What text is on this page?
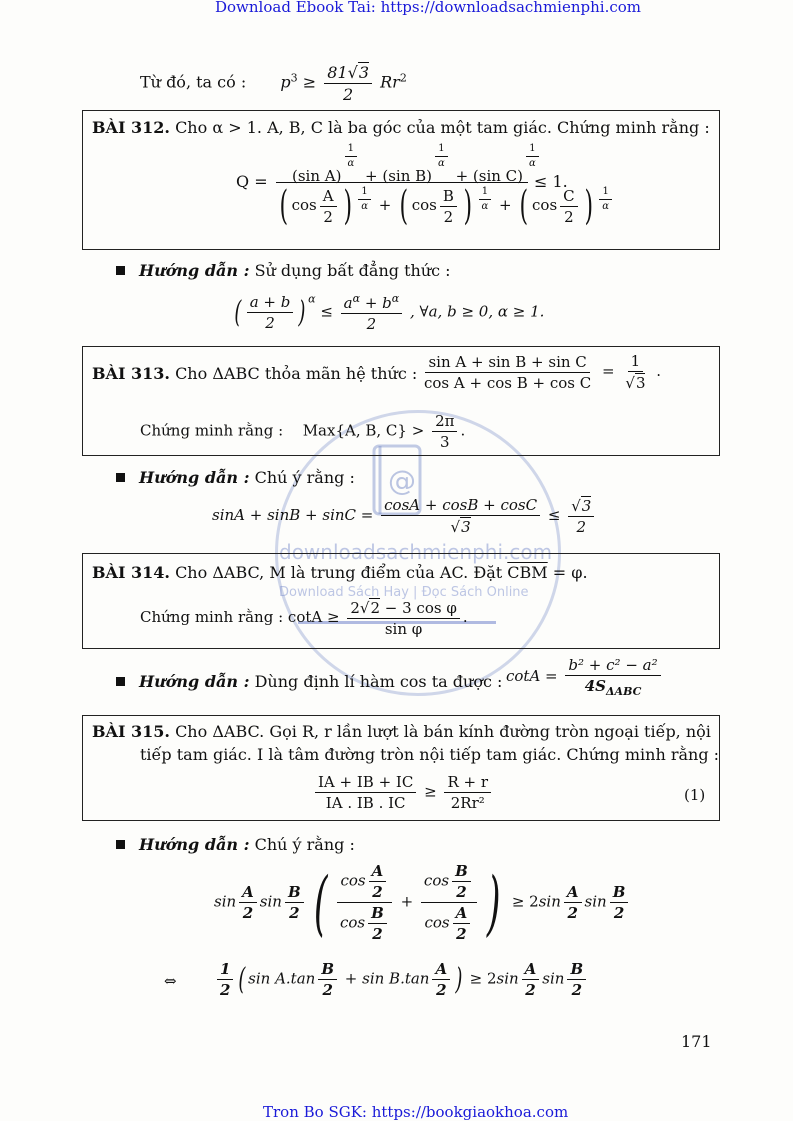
Download Ebook Tai: https://downloadsachmienphi.com
Tron Bo SGK: https://bookgiaokhoa.com
@
downloadsachmienphi.com
Download Sách Hay | Đọc Sách Online
Từ đó, ta có : $p^3 \ge \frac{81√3}{2} Rr^2$
BÀI 312. Cho α > 1. A, B, C là ba góc của một tam giác. Chứng minh rằng :
Q = (sin A)
$\frac{1}{\alpha}$
+ (sin B)
$\frac{1}{\alpha}$
+ (sin C)
$\frac{1}{\alpha}$
( $\cos \frac{A}{2}$ ) $\frac{1}{\alpha}$ + ( $\cos \frac{B}{2}$ ) $\frac{1}{\alpha}$ + ( $\cos \frac{C}{2}$ ) $\frac{1}{\alpha}$
≤ 1.
Hướng dẫn : Sử dụng bất đẳng thức :
( $\frac{a + b}{2}$ ) $^\alpha \le \frac{a^\alpha + b^\alpha}{2}$ , ∀a, b ≥ 0, α ≥ 1.
BÀI 313. Cho ΔABC thỏa mãn hệ thức : $\frac{\text{sin A + sin B + sin C}}{\text{cos A + cos B + cos C}} = \frac{1}{√3}$ .
Chứng minh rằng : Max{A, B, $C\} > \frac{2\pi}{3}$ .
Hướng dẫn : Chú ý rằng :
$\sin A + \sin B + \sin C = \frac{\cos A + \cos B + \cos C}{√3} \le \frac{√3}{2}$
BÀI 314. Cho ΔABC, M là trung điểm của AC. Đặt $\overline{CBM} = \varphi$.
Chứng minh rằng : $\cot A \ge \frac{\text{2√2 − 3 cos φ}}{\text{sin φ}}$ .
Hướng dẫn : Dùng định lí hàm cos ta được : $\cot A = \frac{\text{b² + c² − a²}}{4S_{\Delta ABC}}$
BÀI 315. Cho ΔABC. Gọi R, r lần lượt là bán kính đường tròn ngoại tiếp, nội
tiếp tam giác. I là tâm đường tròn nội tiếp tam giác. Chứng minh rằng :
$\frac{IA + IB + IC}{IA . IB . IC} \ge \frac{R + r}{\text{2Rr²}}$	(1)
Hướng dẫn : Chú ý rằng :
$\sin \frac{A}{2}$ $\sin \frac{B}{2}$ ( $\frac{\cos \frac{A}{2}}{\cos \frac{B}{2}} + \frac{\cos \frac{B}{2}}{\cos \frac{A}{2}}$ ) ≥ $2\sin \frac{A}{2}$ $\sin \frac{B}{2}$
⇔	$\frac{1}{2}$ ( $\sin A.\tan \frac{B}{2} + \sin B.\tan \frac{A}{2}$ ) ≥ $2\sin \frac{A}{2}$ $\sin \frac{B}{2}$
171
